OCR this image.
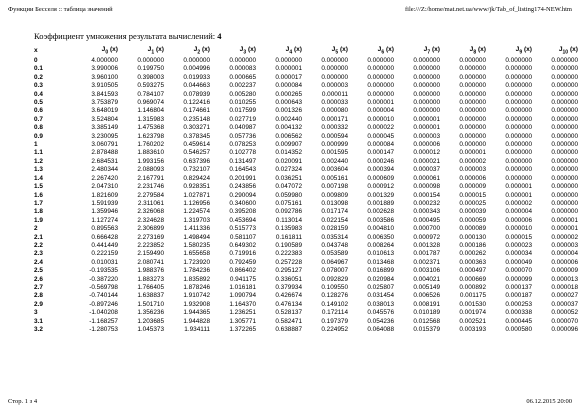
Функции Бесселя :: таблица значений	file:///Z:/home/mat.net.ua/www/jk/Tab_of_listing174-NEW.htm
Коэффициент умножения результата вычислений: 4
x	$J_0$ (x)	$J_1$ (x)	$J_2$ (x)	$J_3$ (x)	$J_4$ (x)	$J_5$ (x)	$J_6$ (x)	$J_7$ (x)	$J_8$ (x)	$J_9$ (x)	$J_{10}$ (x)
0	4.000000	0.000000	0.000000	0.000000	0.000000	0.000000	0.000000	0.000000	0.000000	0.000000	0.000000
0.1	3.990006	0.199750	0.004996	0.000083	0.000001	0.000000	0.000000	0.000000	0.000000	0.000000	0.000000
0.2	3.960100	0.398003	0.019933	0.000665	0.000017	0.000000	0.000000	0.000000	0.000000	0.000000	0.000000
0.3	3.910505	0.593275	0.044663	0.002237	0.000084	0.000003	0.000000	0.000000	0.000000	0.000000	0.000000
0.4	3.841593	0.784107	0.078939	0.005280	0.000265	0.000011	0.000000	0.000000	0.000000	0.000000	0.000000
0.5	3.753879	0.969074	0.122416	0.010255	0.000643	0.000033	0.000001	0.000000	0.000000	0.000000	0.000000
0.6	3.648019	1.146804	0.174661	0.017599	0.001326	0.000080	0.000004	0.000000	0.000000	0.000000	0.000000
0.7	3.524804	1.315983	0.235148	0.027719	0.002440	0.000171	0.000010	0.000001	0.000000	0.000000	0.000000
0.8	3.385149	1.475368	0.303271	0.040987	0.004132	0.000332	0.000022	0.000001	0.000000	0.000000	0.000000
0.9	3.230095	1.623798	0.378345	0.057736	0.006562	0.000594	0.000045	0.000003	0.000000	0.000000	0.000000
1	3.060791	1.760202	0.459614	0.078253	0.009907	0.000999	0.000084	0.000006	0.000000	0.000000	0.000000
1.1	2.878488	1.883610	0.546257	0.102778	0.014352	0.001595	0.000147	0.000012	0.000001	0.000000	0.000000
1.2	2.684531	1.993156	0.637396	0.131497	0.020091	0.002440	0.000246	0.000021	0.000002	0.000000	0.000000
1.3	2.480344	2.088093	0.732107	0.164543	0.027324	0.003604	0.000394	0.000037	0.000003	0.000000	0.000000
1.4	2.267420	2.167791	0.829424	0.201991	0.036251	0.005161	0.000609	0.000061	0.000006	0.000000	0.000000
1.5	2.047310	2.231746	0.928351	0.243856	0.047072	0.007198	0.000912	0.000098	0.000009	0.000001	0.000000
1.6	1.821609	2.279584	1.027871	0.290094	0.059980	0.009809	0.001329	0.000154	0.000015	0.000001	0.000000
1.7	1.591939	2.311061	1.126956	0.340600	0.075161	0.013098	0.001889	0.000232	0.000025	0.000002	0.000000
1.8	1.359946	2.326068	1.224574	0.395208	0.092786	0.017174	0.002628	0.000343	0.000039	0.000004	0.000000
1.9	1.127274	2.324628	1.319703	0.453694	0.113014	0.022154	0.003586	0.000495	0.000059	0.000006	0.000001
2	0.895563	2.306899	1.411336	0.515773	0.135983	0.028159	0.004810	0.000700	0.000089	0.000010	0.000001
2.1	0.666428	2.273169	1.498494	0.581107	0.161811	0.035314	0.006350	0.000972	0.000130	0.000015	0.000002
2.2	0.441449	2.223852	1.580235	0.649302	0.190589	0.043748	0.008264	0.001328	0.000186	0.000023	0.000003
2.3	0.222159	2.159490	1.655658	0.719916	0.222383	0.053589	0.010613	0.001787	0.000262	0.000034	0.000004
2.4	0.010031	2.080741	1.723920	0.792459	0.257228	0.064967	0.013468	0.002371	0.000363	0.000049	0.000006
2.5	-0.193535	1.988376	1.784236	0.866402	0.295127	0.078007	0.016899	0.003106	0.000497	0.000070	0.000009
2.6	-0.387220	1.883273	1.835892	0.941175	0.336051	0.092829	0.020984	0.004021	0.000669	0.000099	0.000013
2.7	-0.569798	1.766405	1.878246	1.016181	0.379934	0.109550	0.025807	0.005149	0.000892	0.000137	0.000018
2.8	-0.740144	1.638837	1.910742	1.090794	0.426674	0.128276	0.031454	0.006526	0.001175	0.000187	0.000027
2.9	-0.897246	1.501710	1.932908	1.164370	0.476134	0.149102	0.038013	0.008191	0.001530	0.000253	0.000037
3	-1.040208	1.356236	1.944365	1.236251	0.528137	0.172114	0.045576	0.010189	0.001974	0.000338	0.000052
3.1	-1.168257	1.203685	1.944828	1.305771	0.582471	0.197379	0.054236	0.012568	0.002521	0.000445	0.000070
3.2	-1.280753	1.045373	1.934111	1.372265	0.638887	0.224952	0.064088	0.015379	0.003193	0.000580	0.000096
Стор. 1 з 4	06.12.2015 20:00
